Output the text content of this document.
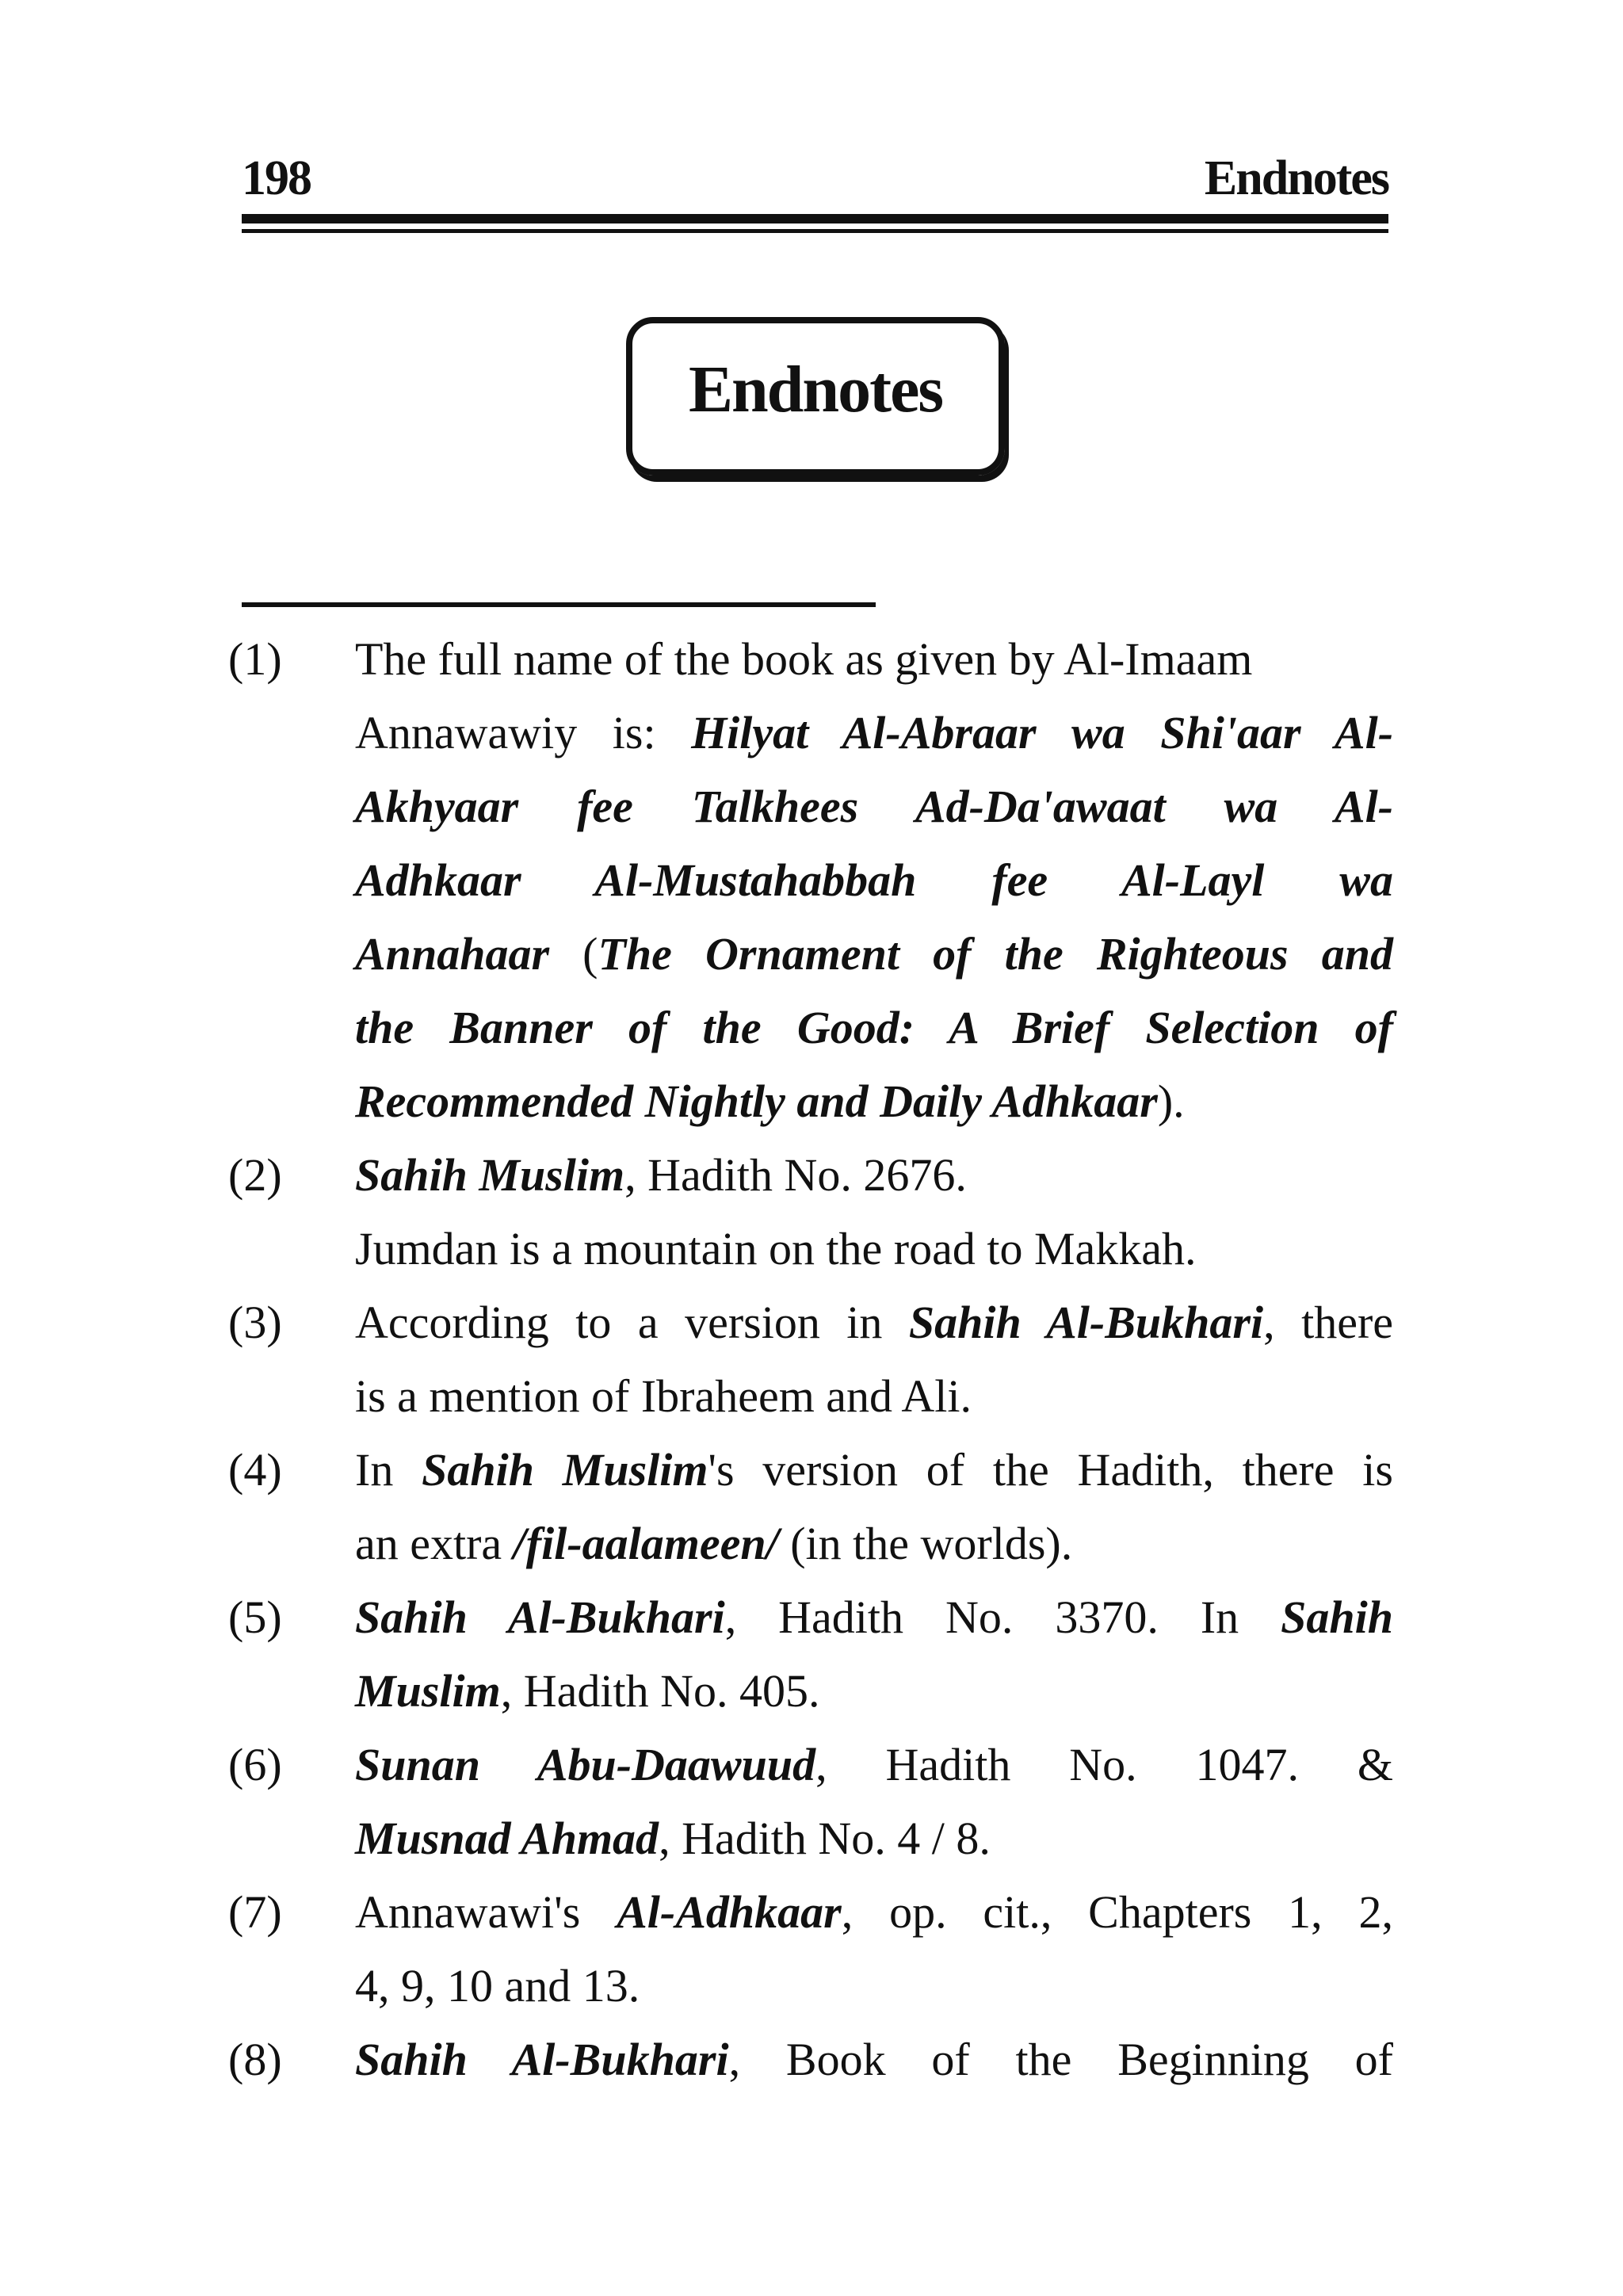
198	Endnotes
Endnotes
(1)	The full name of the book as given by Al-Imaam
Annawawiy is: Hilyat Al-Abraar wa Shi'aar Al-
Akhyaar fee Talkhees Ad-Da'awaat wa Al-
Adhkaar Al-Mustahabbah fee Al-Layl wa
Annahaar (The Ornament of the Righteous and
the Banner of the Good: A Brief Selection of
Recommended Nightly and Daily Adhkaar).
(2)	Sahih Muslim, Hadith No. 2676.
Jumdan is a mountain on the road to Makkah.
(3)	According to a version in Sahih Al-Bukhari, there
is a mention of Ibraheem and Ali.
(4)	In Sahih Muslim's version of the Hadith, there is
an extra /fil-aalameen/ (in the worlds).
(5)	Sahih Al-Bukhari, Hadith No. 3370. In Sahih
Muslim, Hadith No. 405.
(6)	Sunan Abu-Daawuud, Hadith No. 1047. &
Musnad Ahmad, Hadith No. 4 / 8.
(7)	Annawawi's Al-Adhkaar, op. cit., Chapters 1, 2,
4, 9, 10 and 13.
(8)	Sahih Al-Bukhari, Book of the Beginning of
